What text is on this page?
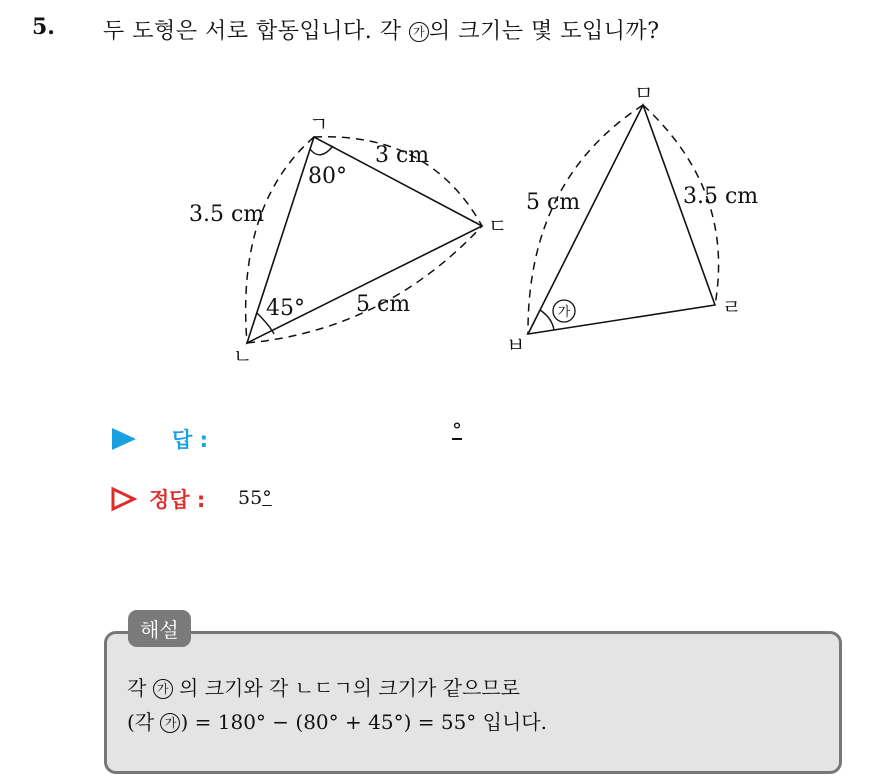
5. 두 도형은 서로 합동입니다. 각 가 의 크기는 몇 도입니까?
ㄱ
ㄴ
ㄷ
3 cm
3.5 cm
5 cm
80°
45°
ㅁ
ㄹ
ㅂ
5 cm	3.5 cm
가
답 :	°
정답 : 55°
해설
각 가 의 크기와 각 ㄴㄷㄱ의 크기가 같으므로
(각 가 ) = 180° − (80° + 45°) = 55° 입니다.
